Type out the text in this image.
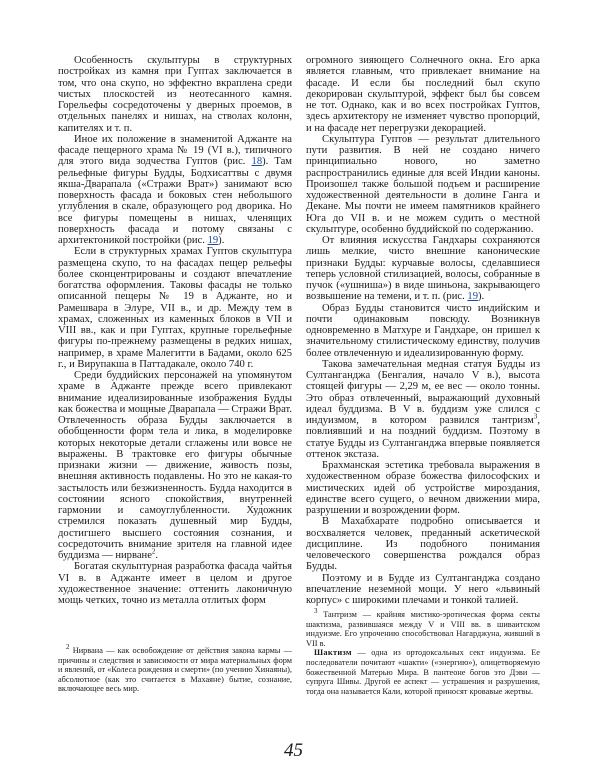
Особенность скульптуры в структурных постройках из камня при Гуптах заключается в том, что она скупо, но эффектно вкраплена среди чистых плоскостей из неотесанного камня. Горельефы сосредоточены у дверных проемов, в отдельных панелях и нишах, на стволах колонн, капителях и т. п.

Иное их положение в знаменитой Аджанте на фасаде пещерного храма № 19 (VI в.), типичного для этого вида зодчества Гуптов (рис. 18). Там рельефные фигуры Будды, Бодхисаттвы с двумя якша-Дварапала («Стражи Врат») занимают всю поверхность фасада и боковых стен небольшого углубления в скале, образующего род дворика. Но все фигуры помещены в нишах, членящих поверхность фасада и потому связаны с архитектоникой постройки (рис. 19).

Если в структурных храмах Гуптов скульптура размещена скупо, то на фасадах пещер рельефы более сконцентрированы и создают впечатление богатства оформления. Таковы фасады не только описанной пещеры № 19 в Аджанте, но и Рамешвара в Элуре, VII в., и др. Между тем в храмах, сложенных из каменных блоков в VII и VIII вв., как и при Гуптах, крупные горельефные фигуры по-прежнему размещены в редких нишах, например, в храме Малегитти в Бадами, около 625 г., и Вирупакша в Паттадакале, около 740 г.

Среди буддийских персонажей на упомянутом храме в Аджанте прежде всего привлекают внимание идеализированные изображения Будды как божества и мощные Дварапала — Стражи Врат. Отвлеченность образа Будды заключается в обобщенности форм тела и лика, в моделировке которых некоторые детали сглажены или вовсе не выражены. В трактовке его фигуры обычные признаки жизни — движение, живость позы, внешняя активность подавлены. Но это не какая-то застылость или безжизненность. Будда находится в состоянии ясного спокойствия, внутренней гармонии и самоуглубленности. Художник стремился показать душевный мир Будды, достигшего высшего состояния сознания, и сосредоточить внимание зрителя на главной идее буддизма — нирване$^2$.

Богатая скульптурная разработка фасада чайтья VI в. в Аджанте имеет в целом и другое художественное значение: оттенить лаконичную мощь четких, точно из металла отлитых форм

огромного зияющего Солнечного окна. Его арка является главным, что привлекает внимание на фасаде. И если бы последний был скупо декорирован скульптурой, эффект был бы совсем не тот. Однако, как и во всех постройках Гуптов, здесь архитектору не изменяет чувство пропорций, и на фасаде нет перегрузки декорацией.

Скульптура Гуптов — результат длительного пути развития. В ней не создано ничего принципиально нового, но заметно распространились единые для всей Индии каноны. Произошел также большой подъем и расширение художественной деятельности в долине Ганга и Декане. Мы почти не имеем памятников крайнего Юга до VII в. и не можем судить о местной скульптуре, особенно буддийской по содержанию.

От влияния искусства Гандхары сохраняются лишь мелкие, чисто внешние канонические признаки Будды: курчавые волосы, сделавшиеся теперь условной стилизацией, волосы, собранные в пучок («ушниша») в виде шиньона, закрывающего возвышение на темени, и т. п. (рис. 19).

Образ Будды становится чисто индийским и почти одинаковым повсюду. Возникнув одновременно в Матхуре и Гандхаре, он пришел к значительному стилистическому единству, получив более отвлеченную и идеализированную форму.

Такова замечательная медная статуя Будды из Султанганджа (Бенгалия, начало V в.), высота стоящей фигуры — 2,29 м, ее вес — около тонны. Это образ отвлеченный, выражающий духовный идеал буддизма. В V в. буддизм уже слился с индуизмом, в котором развился тантризм$^3$, повлиявший и на поздний буддизм. Поэтому в статуе Будды из Султанганджа впервые появляется оттенок экстаза.

Брахманская эстетика требовала выражения в художественном образе божества философских и мистических идей об устройстве мироздания, единстве всего сущего, о вечном движении мира, разрушении и возрождении форм.

В Махабхарате подробно описывается и восхваляется человек, преданный аскетической дисциплине. Из подобного понимания человеческого совершенства рождался образ Будды.

Поэтому и в Будде из Султанганджа создано впечатление неземной мощи. У него «львиный корпус» с широкими плечами и тонкой талией.

$^2$ Нирвана — как освобождение от действия закона кармы — причины и следствия и зависимости от мира материальных форм и явлений, от «Колеса рождения и смерти» (по учению Хинаяны), абсолютное (как это считается в Махаяне) бытие, сознание, включающее весь мир.

$^3$ Тантризм — крайняя мистико-эротическая форма секты шактизма, развившаяся между V и VIII вв. в шиваитском индуизме. Его упрочению способствовал Нагарджуна, живший в VII в.

Шактизм — одна из ортодоксальных сект индуизма. Ее последователи почитают «шакти» («энергию»), олицетворяемую божественной Матерью Мира. В пантеоне богов это Дэви — супруга Шивы. Другой ее аспект — устрашения и разрушения, тогда она называется Кали, которой приносят кровавые жертвы.

45
